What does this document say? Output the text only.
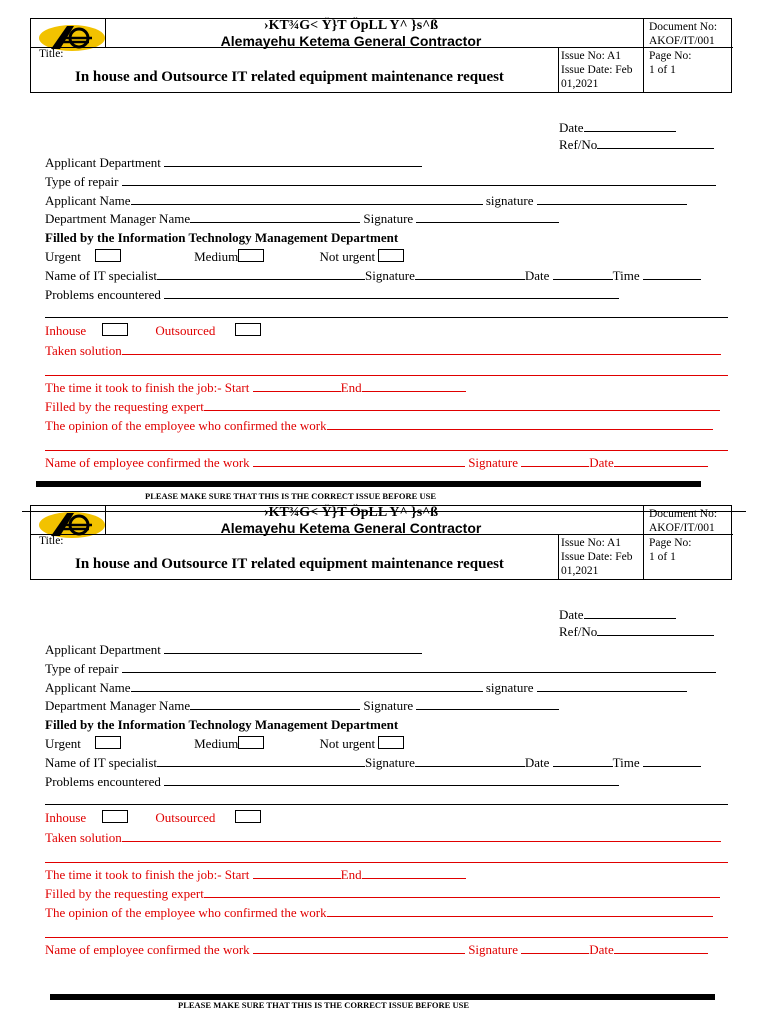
›KT¾G< Ÿ}T ÖpLL Y^ }s^ß
Alemayehu Ketema General Contractor
Document No:
AKOF/IT/001
Title:
In house and Outsource IT related equipment maintenance request
Issue No: A1
Issue Date: Feb
01,2021
Page No:
1 of 1
Date
Ref/No
Applicant Department
Type of repair
Applicant Name	signature
Department Manager Name	Signature
Filled by the Information Technology Management Department
Urgent	Medium	Not urgent
Name of IT specialist	Signature	Date	Time
Problems encountered
Inhouse	Outsourced
Taken solution
The time it took to finish the job:- Start	End
Filled by the requesting expert
The opinion of the employee who confirmed the work
Name of employee confirmed the work	Signature	Date
›KT¾G< Ÿ}T ÖpLL Y^ }s^ß
Alemayehu Ketema General Contractor
Document No:
AKOF/IT/001
Title:
In house and Outsource IT related equipment maintenance request
Issue No: A1
Issue Date: Feb
01,2021
Page No:
1 of 1
Date
Ref/No
Applicant Department
Type of repair
Applicant Name	signature
Department Manager Name	Signature
Filled by the Information Technology Management Department
Urgent	Medium	Not urgent
Name of IT specialist	Signature	Date	Time
Problems encountered
Inhouse	Outsourced
Taken solution
The time it took to finish the job:- Start	End
Filled by the requesting expert
The opinion of the employee who confirmed the work
Name of employee confirmed the work	Signature	Date
PLEASE MAKE SURE THAT THIS IS THE CORRECT ISSUE BEFORE USE
PLEASE MAKE SURE THAT THIS IS THE CORRECT ISSUE BEFORE USE
